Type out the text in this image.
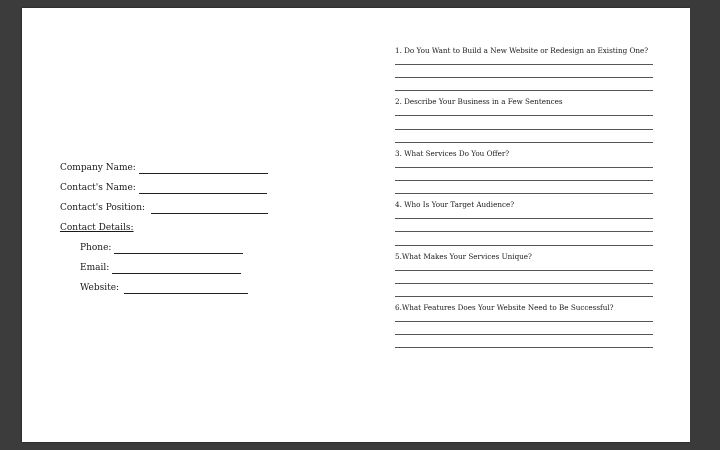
Company Name:
Contact's Name:
Contact's Position:
Contact Details:
Phone:
Email:
Website:
1. Do You Want to Build a New Website or Redesign an Existing One?
2. Describe Your Business in a Few Sentences
3. What Services Do You Offer?
4. Who Is Your Target Audience?
5.What Makes Your Services Unique?
6.What Features Does Your Website Need to Be Successful?
